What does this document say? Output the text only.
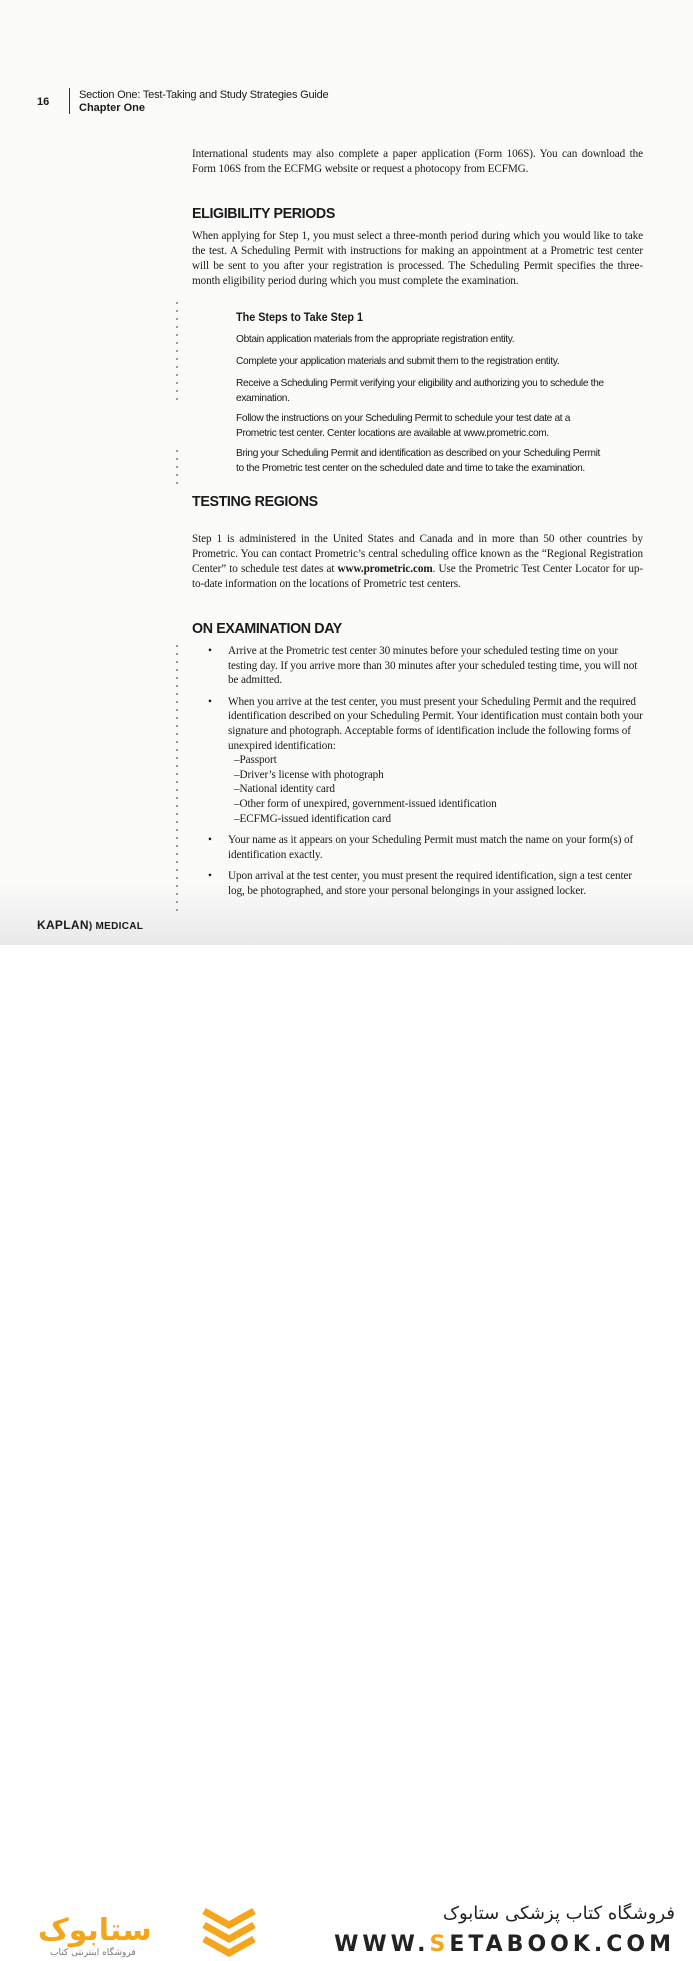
16
Section One: Test-Taking and Study Strategies Guide
Chapter One

International students may also complete a paper application (Form 106S). You can download the Form 106S from the ECFMG website or request a photocopy from ECFMG.

ELIGIBILITY PERIODS

When applying for Step 1, you must select a three-month period during which you would like to take the test. A Scheduling Permit with instructions for making an appointment at a Prometric test center will be sent to you after your registration is processed. The Scheduling Permit specifies the three-month eligibility period during which you must complete the examination.

The Steps to Take Step 1

Obtain application materials from the appropriate registration entity.

Complete your application materials and submit them to the registration entity.

Receive a Scheduling Permit verifying your eligibility and authorizing you to schedule the examination.

Follow the instructions on your Scheduling Permit to schedule your test date at a Prometric test center. Center locations are available at www.prometric.com.

Bring your Scheduling Permit and identification as described on your Scheduling Permit to the Prometric test center on the scheduled date and time to take the examination.

TESTING REGIONS

Step 1 is administered in the United States and Canada and in more than 50 other countries by Prometric. You can contact Prometric’s central scheduling office known as the “Regional Registration Center” to schedule test dates at www.prometric.com. Use the Prometric Test Center Locator for up-to-date information on the locations of Prometric test centers.

ON EXAMINATION DAY
• Arrive at the Prometric test center 30 minutes before your scheduled testing time on your testing day. If you arrive more than 30 minutes after your scheduled testing time, you will not be admitted.
• When you arrive at the test center, you must present your Scheduling Permit and the required identification described on your Scheduling Permit. Your identification must contain both your signature and photograph. Acceptable forms of identification include the following forms of unexpired identification:
– Passport
– Driver’s license with photograph
– National identity card
– Other form of unexpired, government-issued identification
– ECFMG-issued identification card
• Your name as it appears on your Scheduling Permit must match the name on your form(s) of identification exactly.
• Upon arrival at the test center, you must present the required identification, sign a test center log, be photographed, and store your personal belongings in your assigned locker.
KAPLAN) MEDICAL
ستابوک
فروشگاه اینترنتی کتاب
فروشگاه کتاب پزشکی ستابوک
WWW.SETABOOK.COM
